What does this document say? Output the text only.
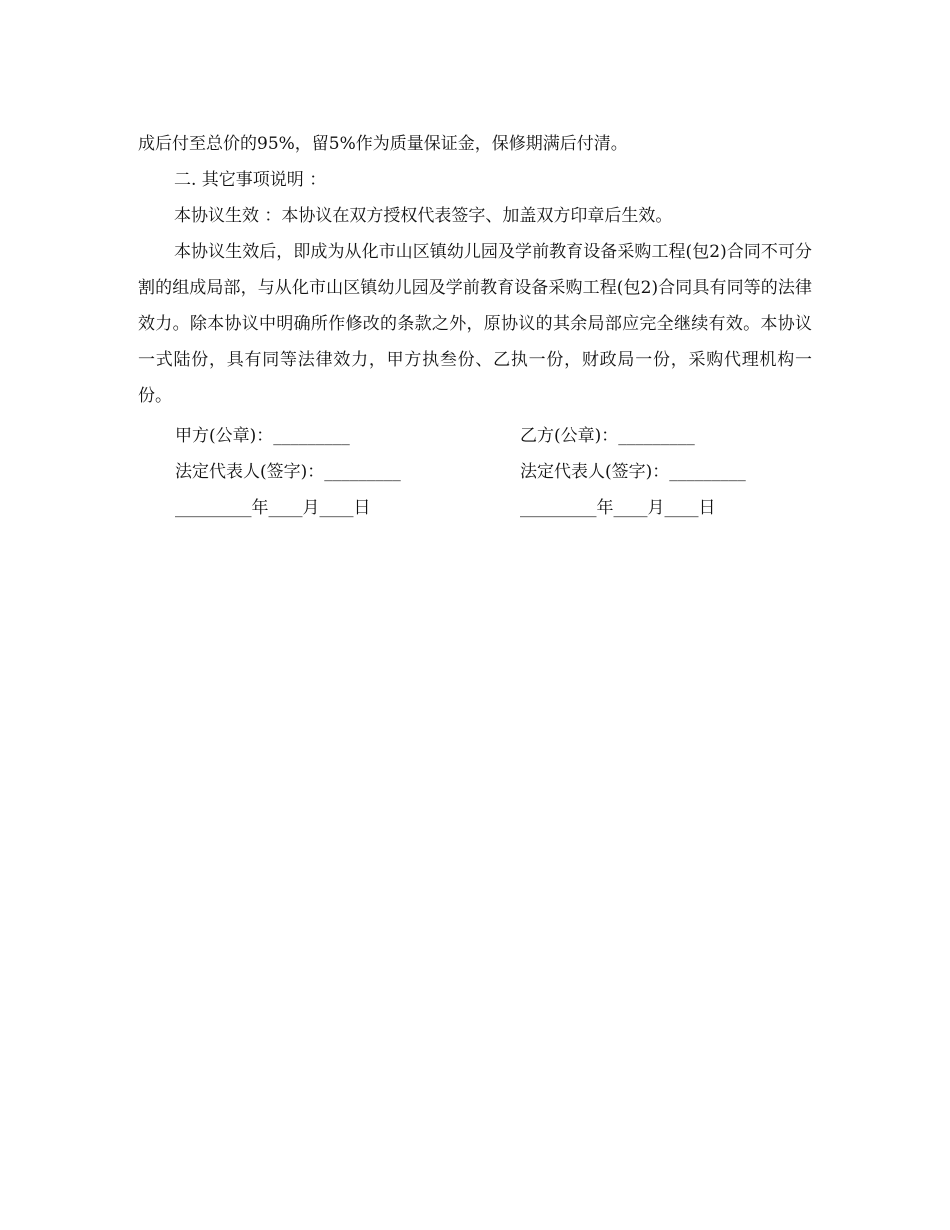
成后付至总价的95%，留5%作为质量保证金，保修期满后付清。

二. 其它事项说明 ：

本协议生效 ：本协议在双方授权代表签字、加盖双方印章后生效。

本协议生效后，即成为从化市山区镇幼儿园及学前教育设备采购工程(包2)合同不可分割的组成局部，与从化市山区镇幼儿园及学前教育设备采购工程(包2)合同具有同等的法律效力。除本协议中明确所作修改的条款之外，原协议的其余局部应完全继续有效。本协议一式陆份，具有同等法律效力，甲方执叁份、乙执一份，财政局一份，采购代理机构一份。

甲方(公章)：_________
法定代表人(签字)：_________
_________年____月____日
乙方(公章)：_________
法定代表人(签字)：_________
_________年____月____日
